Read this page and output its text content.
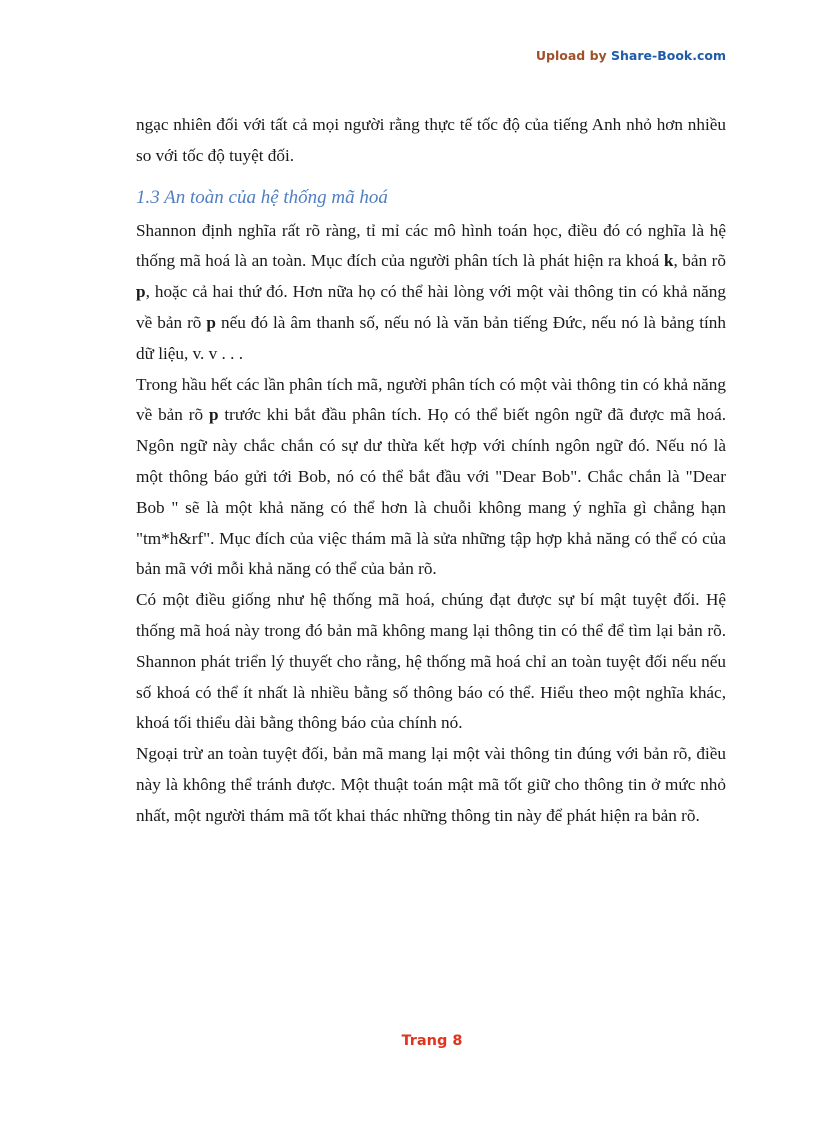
Upload by Share-Book.com

ngạc nhiên đối với tất cả mọi người rằng thực tế tốc độ của tiếng Anh nhỏ hơn nhiều so với tốc độ tuyệt đối.

1.3 An toàn của hệ thống mã hoá

Shannon định nghĩa rất rõ ràng, tỉ mỉ các mô hình toán học, điều đó có nghĩa là hệ thống mã hoá là an toàn. Mục đích của người phân tích là phát hiện ra khoá k, bản rõ p, hoặc cả hai thứ đó. Hơn nữa họ có thể hài lòng với một vài thông tin có khả năng về bản rõ p nếu đó là âm thanh số, nếu nó là văn bản tiếng Đức, nếu nó là bảng tính dữ liệu, v. v . . .

Trong hầu hết các lần phân tích mã, người phân tích có một vài thông tin có khả năng về bản rõ p trước khi bắt đầu phân tích. Họ có thể biết ngôn ngữ đã được mã hoá. Ngôn ngữ này chắc chắn có sự dư thừa kết hợp với chính ngôn ngữ đó. Nếu nó là một thông báo gửi tới Bob, nó có thể bắt đầu với "Dear Bob". Chắc chắn là "Dear Bob " sẽ là một khả năng có thể hơn là chuỗi không mang ý nghĩa gì chẳng hạn "tm*h&rf". Mục đích của việc thám mã là sửa những tập hợp khả năng có thể có của bản mã với mỗi khả năng có thể của bản rõ.

Có một điều giống như hệ thống mã hoá, chúng đạt được sự bí mật tuyệt đối. Hệ thống mã hoá này trong đó bản mã không mang lại thông tin có thể để tìm lại bản rõ. Shannon phát triển lý thuyết cho rằng, hệ thống mã hoá chỉ an toàn tuyệt đối nếu nếu số khoá có thể ít nhất là nhiều bằng số thông báo có thể. Hiểu theo một nghĩa khác, khoá tối thiểu dài bằng thông báo của chính nó.

Ngoại trừ an toàn tuyệt đối, bản mã mang lại một vài thông tin đúng với bản rõ, điều này là không thể tránh được. Một thuật toán mật mã tốt giữ cho thông tin ở mức nhỏ nhất, một người thám mã tốt khai thác những thông tin này để phát hiện ra bản rõ.

Trang 8
